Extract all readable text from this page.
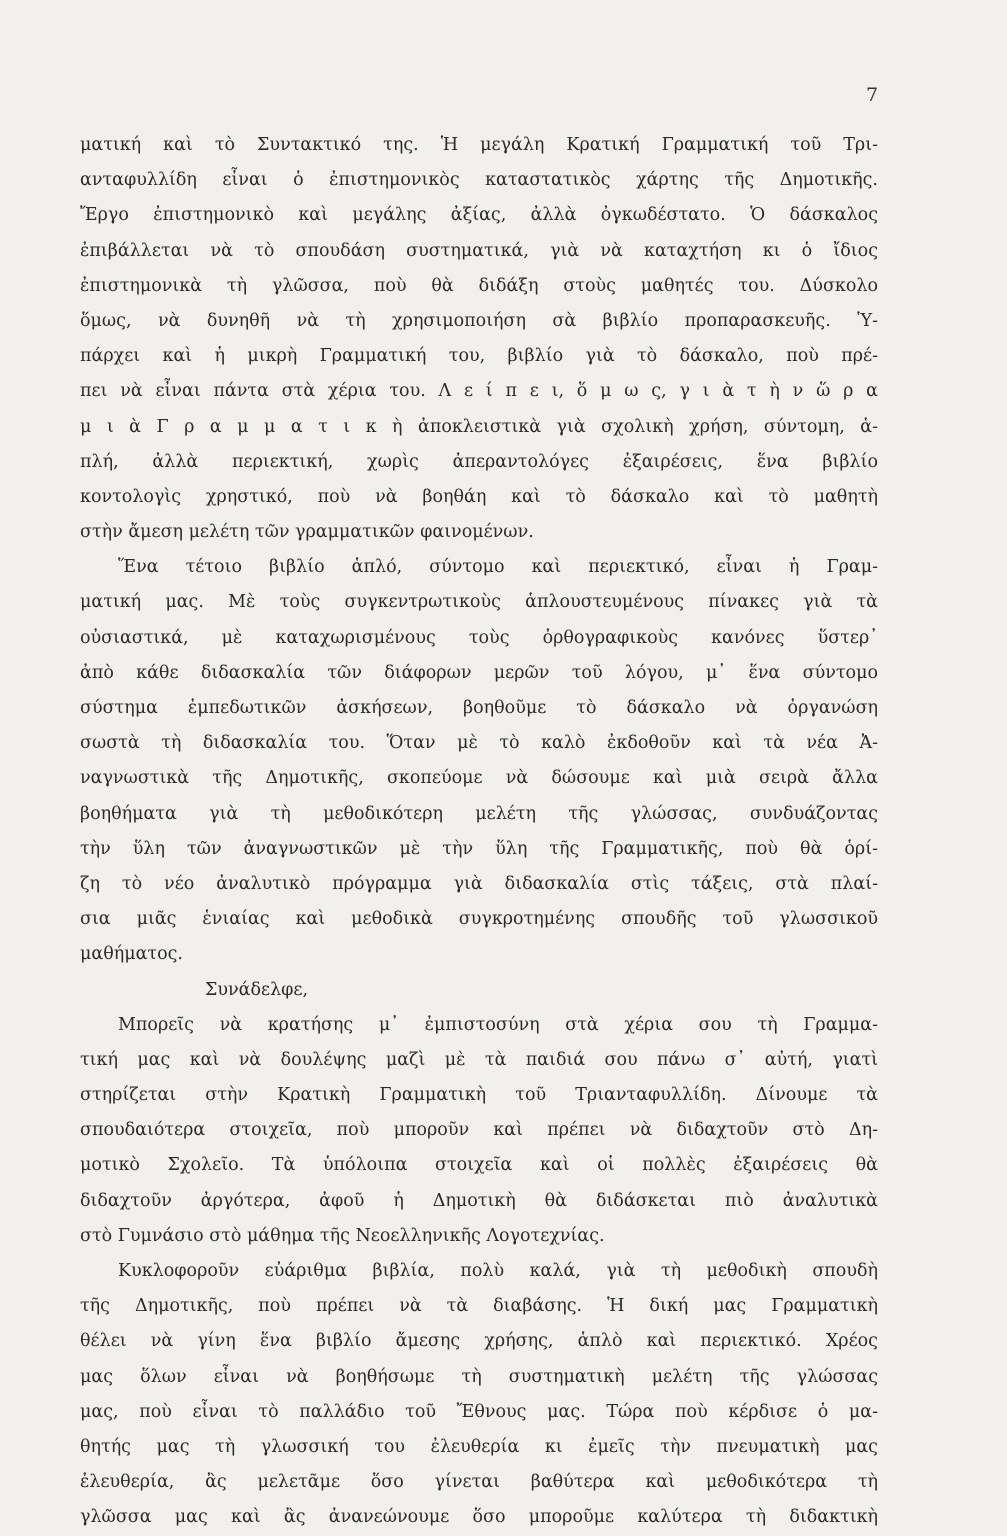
7
ματική καὶ τὸ Συντακτικό της. Ἡ μεγάλη Κρατική Γραμματική τοῦ Τρι-
ανταφυλλίδη εἶναι ὁ ἐπιστημονικὸς καταστατικὸς χάρτης τῆς Δημοτικῆς.
Ἔργο ἐπιστημονικὸ καὶ μεγάλης ἀξίας, ἀλλὰ ὀγκωδέστατο. Ὁ δάσκαλος
ἐπιβάλλεται νὰ τὸ σπουδάση συστηματικά, γιὰ νὰ καταχτήση κι ὁ ἴδιος
ἐπιστημονικὰ τὴ γλῶσσα, ποὺ θὰ διδάξη στοὺς μαθητές του. Δύσκολο
ὅμως, νὰ δυνηθῆ νὰ τὴ χρησιμοποιήση σὰ βιβλίο προπαρασκευῆς. Ὑ-
πάρχει καὶ ἡ μικρὴ Γραμματική του, βιβλίο γιὰ τὸ δάσκαλο, ποὺ πρέ-
πει νὰ εἶναι πάντα στὰ χέρια του. Λ ε ί π ε ι, ὅ μ ω ς, γ ι ὰ τ ὴ ν ὥ ρ α
μ ι ὰ Γ ρ α μ μ α τ ι κ ὴ ἀποκλειστικὰ γιὰ σχολικὴ χρήση, σύντομη, ἁ-
πλή, ἀλλὰ περιεκτική, χωρὶς ἀπεραντολόγες ἐξαιρέσεις, ἕνα βιβλίο
κοντολογὶς χρηστικό, ποὺ νὰ βοηθάη καὶ τὸ δάσκαλο καὶ τὸ μαθητὴ
στὴν ἄμεση μελέτη τῶν γραμματικῶν φαινομένων.
Ἕνα τέτοιο βιβλίο ἁπλό, σύντομο καὶ περιεκτικό, εἶναι ἡ Γραμ-
ματική μας. Μὲ τοὺς συγκεντρωτικοὺς ἁπλουστευμένους πίνακες γιὰ τὰ
οὐσιαστικά, μὲ καταχωρισμένους τοὺς ὀρθογραφικοὺς κανόνες ὕστερ᾽
ἀπὸ κάθε διδασκαλία τῶν διάφορων μερῶν τοῦ λόγου, μ᾽ ἕνα σύντομο
σύστημα ἐμπεδωτικῶν ἀσκήσεων, βοηθοῦμε τὸ δάσκαλο νὰ ὀργανώση
σωστὰ τὴ διδασκαλία του. Ὅταν μὲ τὸ καλὸ ἐκδοθοῦν καὶ τὰ νέα Ἀ-
ναγνωστικὰ τῆς Δημοτικῆς, σκοπεύομε νὰ δώσουμε καὶ μιὰ σειρὰ ἄλλα
βοηθήματα γιὰ τὴ μεθοδικότερη μελέτη τῆς γλώσσας, συνδυάζοντας
τὴν ὕλη τῶν ἀναγνωστικῶν μὲ τὴν ὕλη τῆς Γραμματικῆς, ποὺ θὰ ὁρί-
ζη τὸ νέο ἀναλυτικὸ πρόγραμμα γιὰ διδασκαλία στὶς τάξεις, στὰ πλαί-
σια μιᾶς ἑνιαίας καὶ μεθοδικὰ συγκροτημένης σπουδῆς τοῦ γλωσσικοῦ
μαθήματος.
Συνάδελφε,
Μπορεῖς νὰ κρατήσης μ᾽ ἐμπιστοσύνη στὰ χέρια σου τὴ Γραμμα-
τική μας καὶ νὰ δουλέψης μαζὶ μὲ τὰ παιδιά σου πάνω σ᾽ αὐτή, γιατὶ
στηρίζεται στὴν Κρατικὴ Γραμματικὴ τοῦ Τριανταφυλλίδη. Δίνουμε τὰ
σπουδαιότερα στοιχεῖα, ποὺ μποροῦν καὶ πρέπει νὰ διδαχτοῦν στὸ Δη-
μοτικὸ Σχολεῖο. Τὰ ὑπόλοιπα στοιχεῖα καὶ οἱ πολλὲς ἐξαιρέσεις θὰ
διδαχτοῦν ἀργότερα, ἀφοῦ ἡ Δημοτικὴ θὰ διδάσκεται πιὸ ἀναλυτικὰ
στὸ Γυμνάσιο στὸ μάθημα τῆς Νεοελληνικῆς Λογοτεχνίας.
Κυκλοφοροῦν εὐάριθμα βιβλία, πολὺ καλά, γιὰ τὴ μεθοδικὴ σπουδὴ
τῆς Δημοτικῆς, ποὺ πρέπει νὰ τὰ διαβάσης. Ἡ δική μας Γραμματικὴ
θέλει νὰ γίνη ἕνα βιβλίο ἄμεσης χρήσης, ἁπλὸ καὶ περιεκτικό. Χρέος
μας ὅλων εἶναι νὰ βοηθήσωμε τὴ συστηματικὴ μελέτη τῆς γλώσσας
μας, ποὺ εἶναι τὸ παλλάδιο τοῦ Ἔθνους μας. Τώρα ποὺ κέρδισε ὁ μα-
θητής μας τὴ γλωσσική του ἐλευθερία κι ἐμεῖς τὴν πνευματικὴ μας
ἐλευθερία, ἂς μελετᾶμε ὅσο γίνεται βαθύτερα καὶ μεθοδικότερα τὴ
γλῶσσα μας καὶ ἂς ἀνανεώνουμε ὅσο μποροῦμε καλύτερα τὴ διδακτικὴ
